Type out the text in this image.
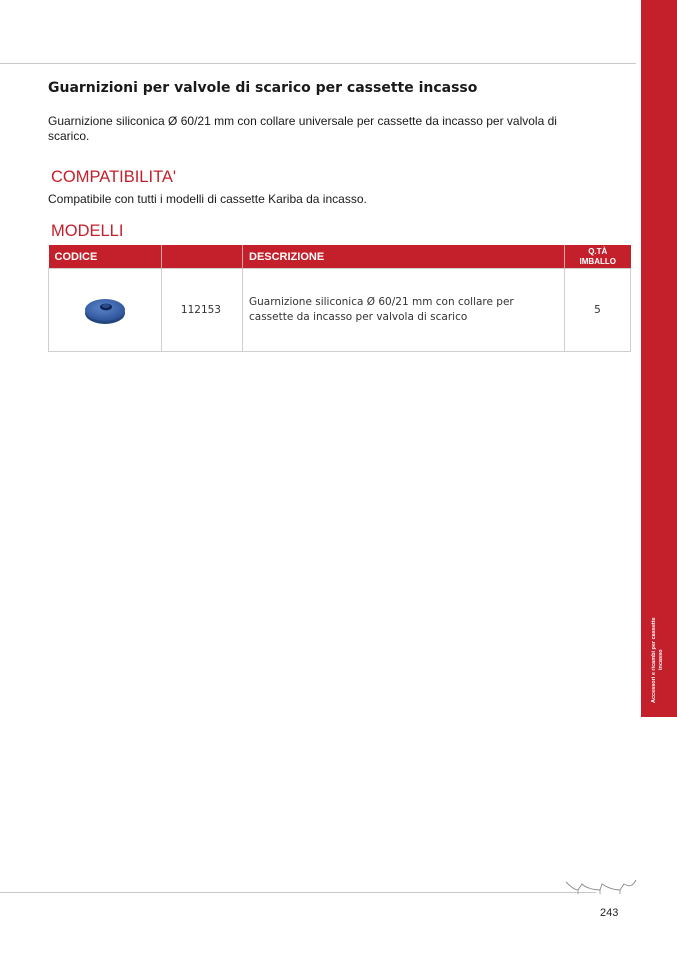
Accessori e ricambi per cassette incasso
Guarnizioni per valvole di scarico per cassette incasso

Guarnizione siliconica Ø 60/21 mm con collare universale per cassette da incasso per valvola di scarico.

COMPATIBILITA'

Compatibile con tutti i modelli di cassette Kariba da incasso.

MODELLI
CODICE		DESCRIZIONE	Q.TÀ
IMBALLO

	112153	Guarnizione siliconica Ø 60/21 mm con collare per cassette da incasso per valvola di scarico	5
243
